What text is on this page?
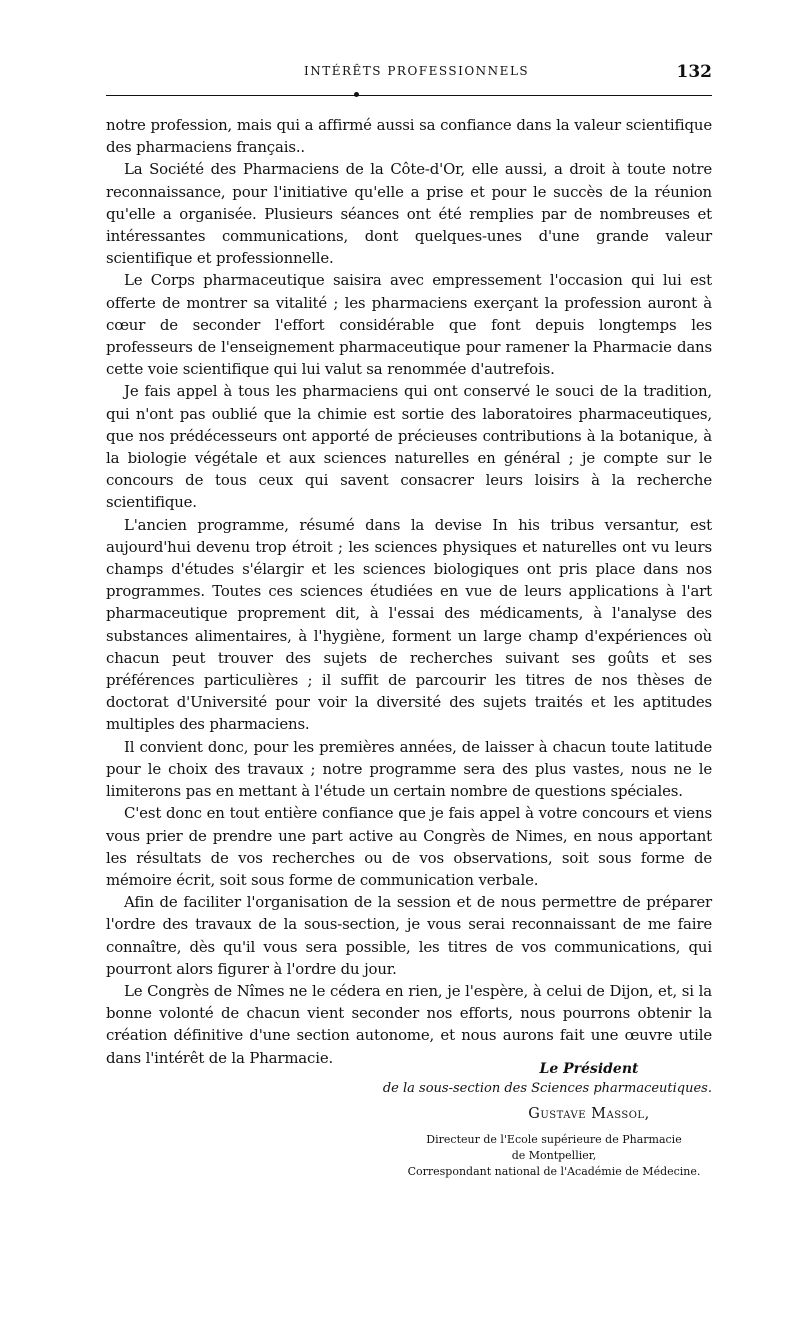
INTÉRÊTS PROFESSIONNELS	132

notre profession, mais qui a affirmé aussi sa confiance dans la valeur scientifique des pharmaciens français..

La Société des Pharmaciens de la Côte-d'Or, elle aussi, a droit à toute notre reconnaissance, pour l'initiative qu'elle a prise et pour le succès de la réunion qu'elle a organisée. Plusieurs séances ont été remplies par de nombreuses et intéressantes communications, dont quelques-unes d'une grande valeur scientifique et professionnelle.

Le Corps pharmaceutique saisira avec empressement l'occasion qui lui est offerte de montrer sa vitalité ; les pharmaciens exerçant la profession auront à cœur de seconder l'effort considérable que font depuis longtemps les professeurs de l'enseignement pharmaceutique pour ramener la Pharmacie dans cette voie scientifique qui lui valut sa renommée d'autrefois.

Je fais appel à tous les pharmaciens qui ont conservé le souci de la tradition, qui n'ont pas oublié que la chimie est sortie des laboratoires pharmaceutiques, que nos prédécesseurs ont apporté de précieuses contributions à la botanique, à la biologie végétale et aux sciences naturelles en général ; je compte sur le concours de tous ceux qui savent consacrer leurs loisirs à la recherche scientifique.

L'ancien programme, résumé dans la devise In his tribus versantur, est aujourd'hui devenu trop étroit ; les sciences physiques et naturelles ont vu leurs champs d'études s'élargir et les sciences biologiques ont pris place dans nos programmes. Toutes ces sciences étudiées en vue de leurs applications à l'art pharmaceutique proprement dit, à l'essai des médicaments, à l'analyse des substances alimentaires, à l'hygiène, forment un large champ d'expériences où chacun peut trouver des sujets de recherches suivant ses goûts et ses préférences particulières ; il suffit de parcourir les titres de nos thèses de doctorat d'Université pour voir la diversité des sujets traités et les aptitudes multiples des pharmaciens.

Il convient donc, pour les premières années, de laisser à chacun toute latitude pour le choix des travaux ; notre programme sera des plus vastes, nous ne le limiterons pas en mettant à l'étude un certain nombre de questions spéciales.

C'est donc en tout entière confiance que je fais appel à votre concours et viens vous prier de prendre une part active au Congrès de Nimes, en nous apportant les résultats de vos recherches ou de vos observations, soit sous forme de mémoire écrit, soit sous forme de communication verbale.

Afin de faciliter l'organisation de la session et de nous permettre de préparer l'ordre des travaux de la sous-section, je vous serai reconnaissant de me faire connaître, dès qu'il vous sera possible, les titres de vos communications, qui pourront alors figurer à l'ordre du jour.

Le Congrès de Nîmes ne le cédera en rien, je l'espère, à celui de Dijon, et, si la bonne volonté de chacun vient seconder nos efforts, nous pourrons obtenir la création définitive d'une section autonome, et nous aurons fait une œuvre utile dans l'intérêt de la Pharmacie.

Le Président
de la sous-section des Sciences pharmaceutiques.
Gustave Massol,
Directeur de l'Ecole supérieure de Pharmacie
de Montpellier,
Correspondant national de l'Académie de Médecine.
